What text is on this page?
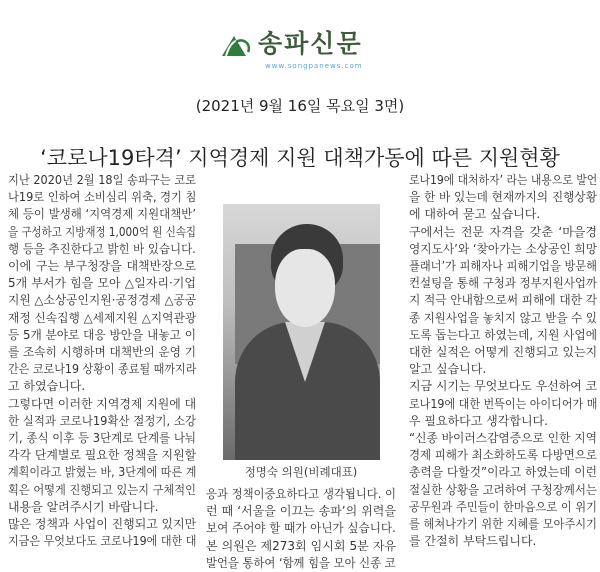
송파신문
www.songpanews.com
(2021년 9월 16일 목요일 3면)
‘코로나19타격’ 지역경제 지원 대책가동에 따른 지원현황
지난 2020년 2월 18일 송파구는 코로
나19로 인하여 소비심리 위축, 경기 침
체 등이 발생해 ‘지역경제 지원대책반’
을 구성하고 지방재정 1,000억 원 신속집
행 등을 추진한다고 밝힌 바 있습니다.
이에 구는 부구청장을 대책반장으로
5개 부서가 힘을 모아 △일자리·기업
지원 △소상공인지원·공정경제 △공공
재정 신속집행 △세제지원 △지역관광
등 5개 분야로 대응 방안을 내놓고 이
를 조속히 시행하며 대책반의 운영 기
간은 코로나19 상황이 종료될 때까지라
고 하였습니다.
그렇다면 이러한 지역경제 지원에 대
한 실적과 코로나19확산 절정기, 소강
기, 종식 이후 등 3단계로 단계를 나눠
각각 단계별로 필요한 정책을 지원할
계획이라고 밝혔는 바, 3단계에 따른 계
획은 어떻게 진행되고 있는지 구체적인
내용을 알려주시기 바랍니다.
많은 정책과 사업이 진행되고 있지만
지금은 무엇보다도 코로나19에 대한 대
정명숙 의원(비례대표)
응과 정책이중요하다고 생각됩니다. 이
런 때 ‘서울을 이끄는 송파’의 위력을
보여 주어야 할 때가 아닌가 싶습니다.
본 의원은 제273회 임시회 5분 자유
발언을 통하여 ‘함께 힘을 모아 신종 코
로나19에 대처하자’ 라는 내용으로 발언
을 한 바 있는데 현재까지의 진행상황
에 대하여 묻고 싶습니다.
구에서는 전문 자격을 갖춘 ‘마을경
영지도사’와 ‘찾아가는 소상공인 희망
플래너’가 피해자나 피해기업을 방문해
컨설팅을 통해 구청과 정부지원사업까
지 적극 안내함으로써 피해에 대한 각
종 지원사업을 놓치지 않고 받을 수 있
도록 돕는다고 하였는데, 지원 사업에
대한 실적은 어떻게 진행되고 있는지
알고 싶습니다.
지금 시기는 무엇보다도 우선하여 코
로나19에 대한 번뜩이는 아이디어가 매
우 필요하다고 생각합니다.
“신종 바이러스감염증으로 인한 지역
경제 피해가 최소화하도록 다방면으로
총력을 다할것”이라고 하였는데 이런
절실한 상황을 고려하여 구청장께서는
공무원과 주민들이 한마음으로 이 위기
를 헤쳐나가기 위한 지혜를 모아주시기
를 간절히 부탁드립니다.
